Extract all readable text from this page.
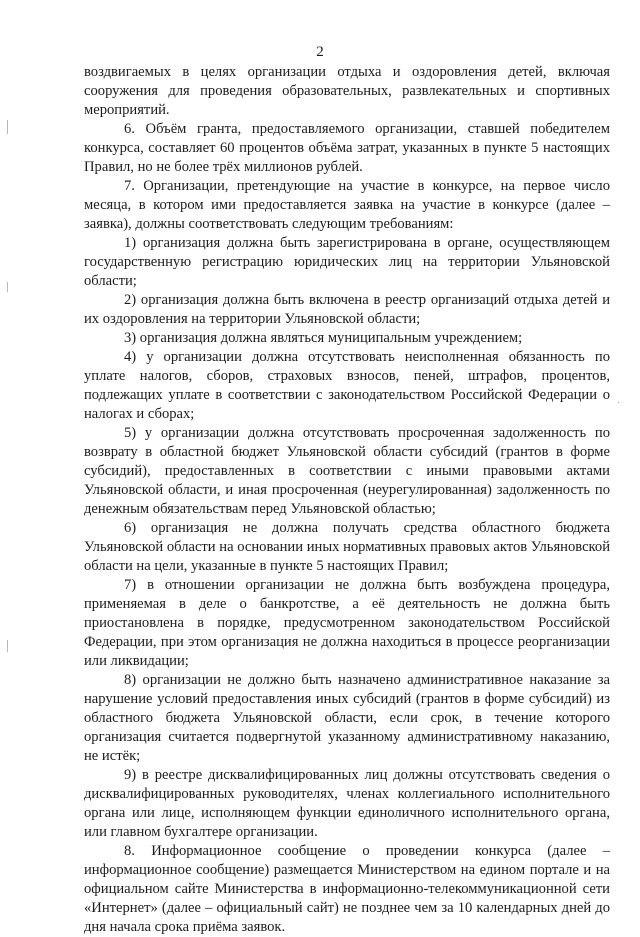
2

воздвигаемых в целях организации отдыха и оздоровления детей, включая сооружения для проведения образовательных, развлекательных и спортивных мероприятий.

6. Объём гранта, предоставляемого организации, ставшей победителем конкурса, составляет 60 процентов объёма затрат, указанных в пункте 5 настоящих Правил, но не более трёх миллионов рублей.

7. Организации, претендующие на участие в конкурсе, на первое число месяца, в котором ими предоставляется заявка на участие в конкурсе (далее – заявка), должны соответствовать следующим требованиям:

1) организация должна быть зарегистрирована в органе, осуществляющем государственную регистрацию юридических лиц на территории Ульяновской области;

2) организация должна быть включена в реестр организаций отдыха детей и их оздоровления на территории Ульяновской области;

3) организация должна являться муниципальным учреждением;

4) у организации должна отсутствовать неисполненная обязанность по уплате налогов, сборов, страховых взносов, пеней, штрафов, процентов, подлежащих уплате в соответствии с законодательством Российской Федерации о налогах и сборах;

5) у организации должна отсутствовать просроченная задолженность по возврату в областной бюджет Ульяновской области субсидий (грантов в форме субсидий), предоставленных в соответствии с иными правовыми актами Ульяновской области, и иная просроченная (неурегулированная) задолженность по денежным обязательствам перед Ульяновской областью;

6) организация не должна получать средства областного бюджета Ульяновской области на основании иных нормативных правовых актов Ульяновской области на цели, указанные в пункте 5 настоящих Правил;

7) в отношении организации не должна быть возбуждена процедура, применяемая в деле о банкротстве, а её деятельность не должна быть приостановлена в порядке, предусмотренном законодательством Российской Федерации, при этом организация не должна находиться в процессе реорганизации или ликвидации;

8) организации не должно быть назначено административное наказание за нарушение условий предоставления иных субсидий (грантов в форме субсидий) из областного бюджета Ульяновской области, если срок, в течение которого организация считается подвергнутой указанному административному наказанию, не истёк;

9) в реестре дисквалифицированных лиц должны отсутствовать сведения о дисквалифицированных руководителях, членах коллегиального исполнительного органа или лице, исполняющем функции единоличного исполнительного органа, или главном бухгалтере организации.

8. Информационное сообщение о проведении конкурса (далее – информационное сообщение) размещается Министерством на едином портале и на официальном сайте Министерства в информационно-телекоммуникационной сети «Интернет» (далее – официальный сайт) не позднее чем за 10 календарных дней до дня начала срока приёма заявок.
